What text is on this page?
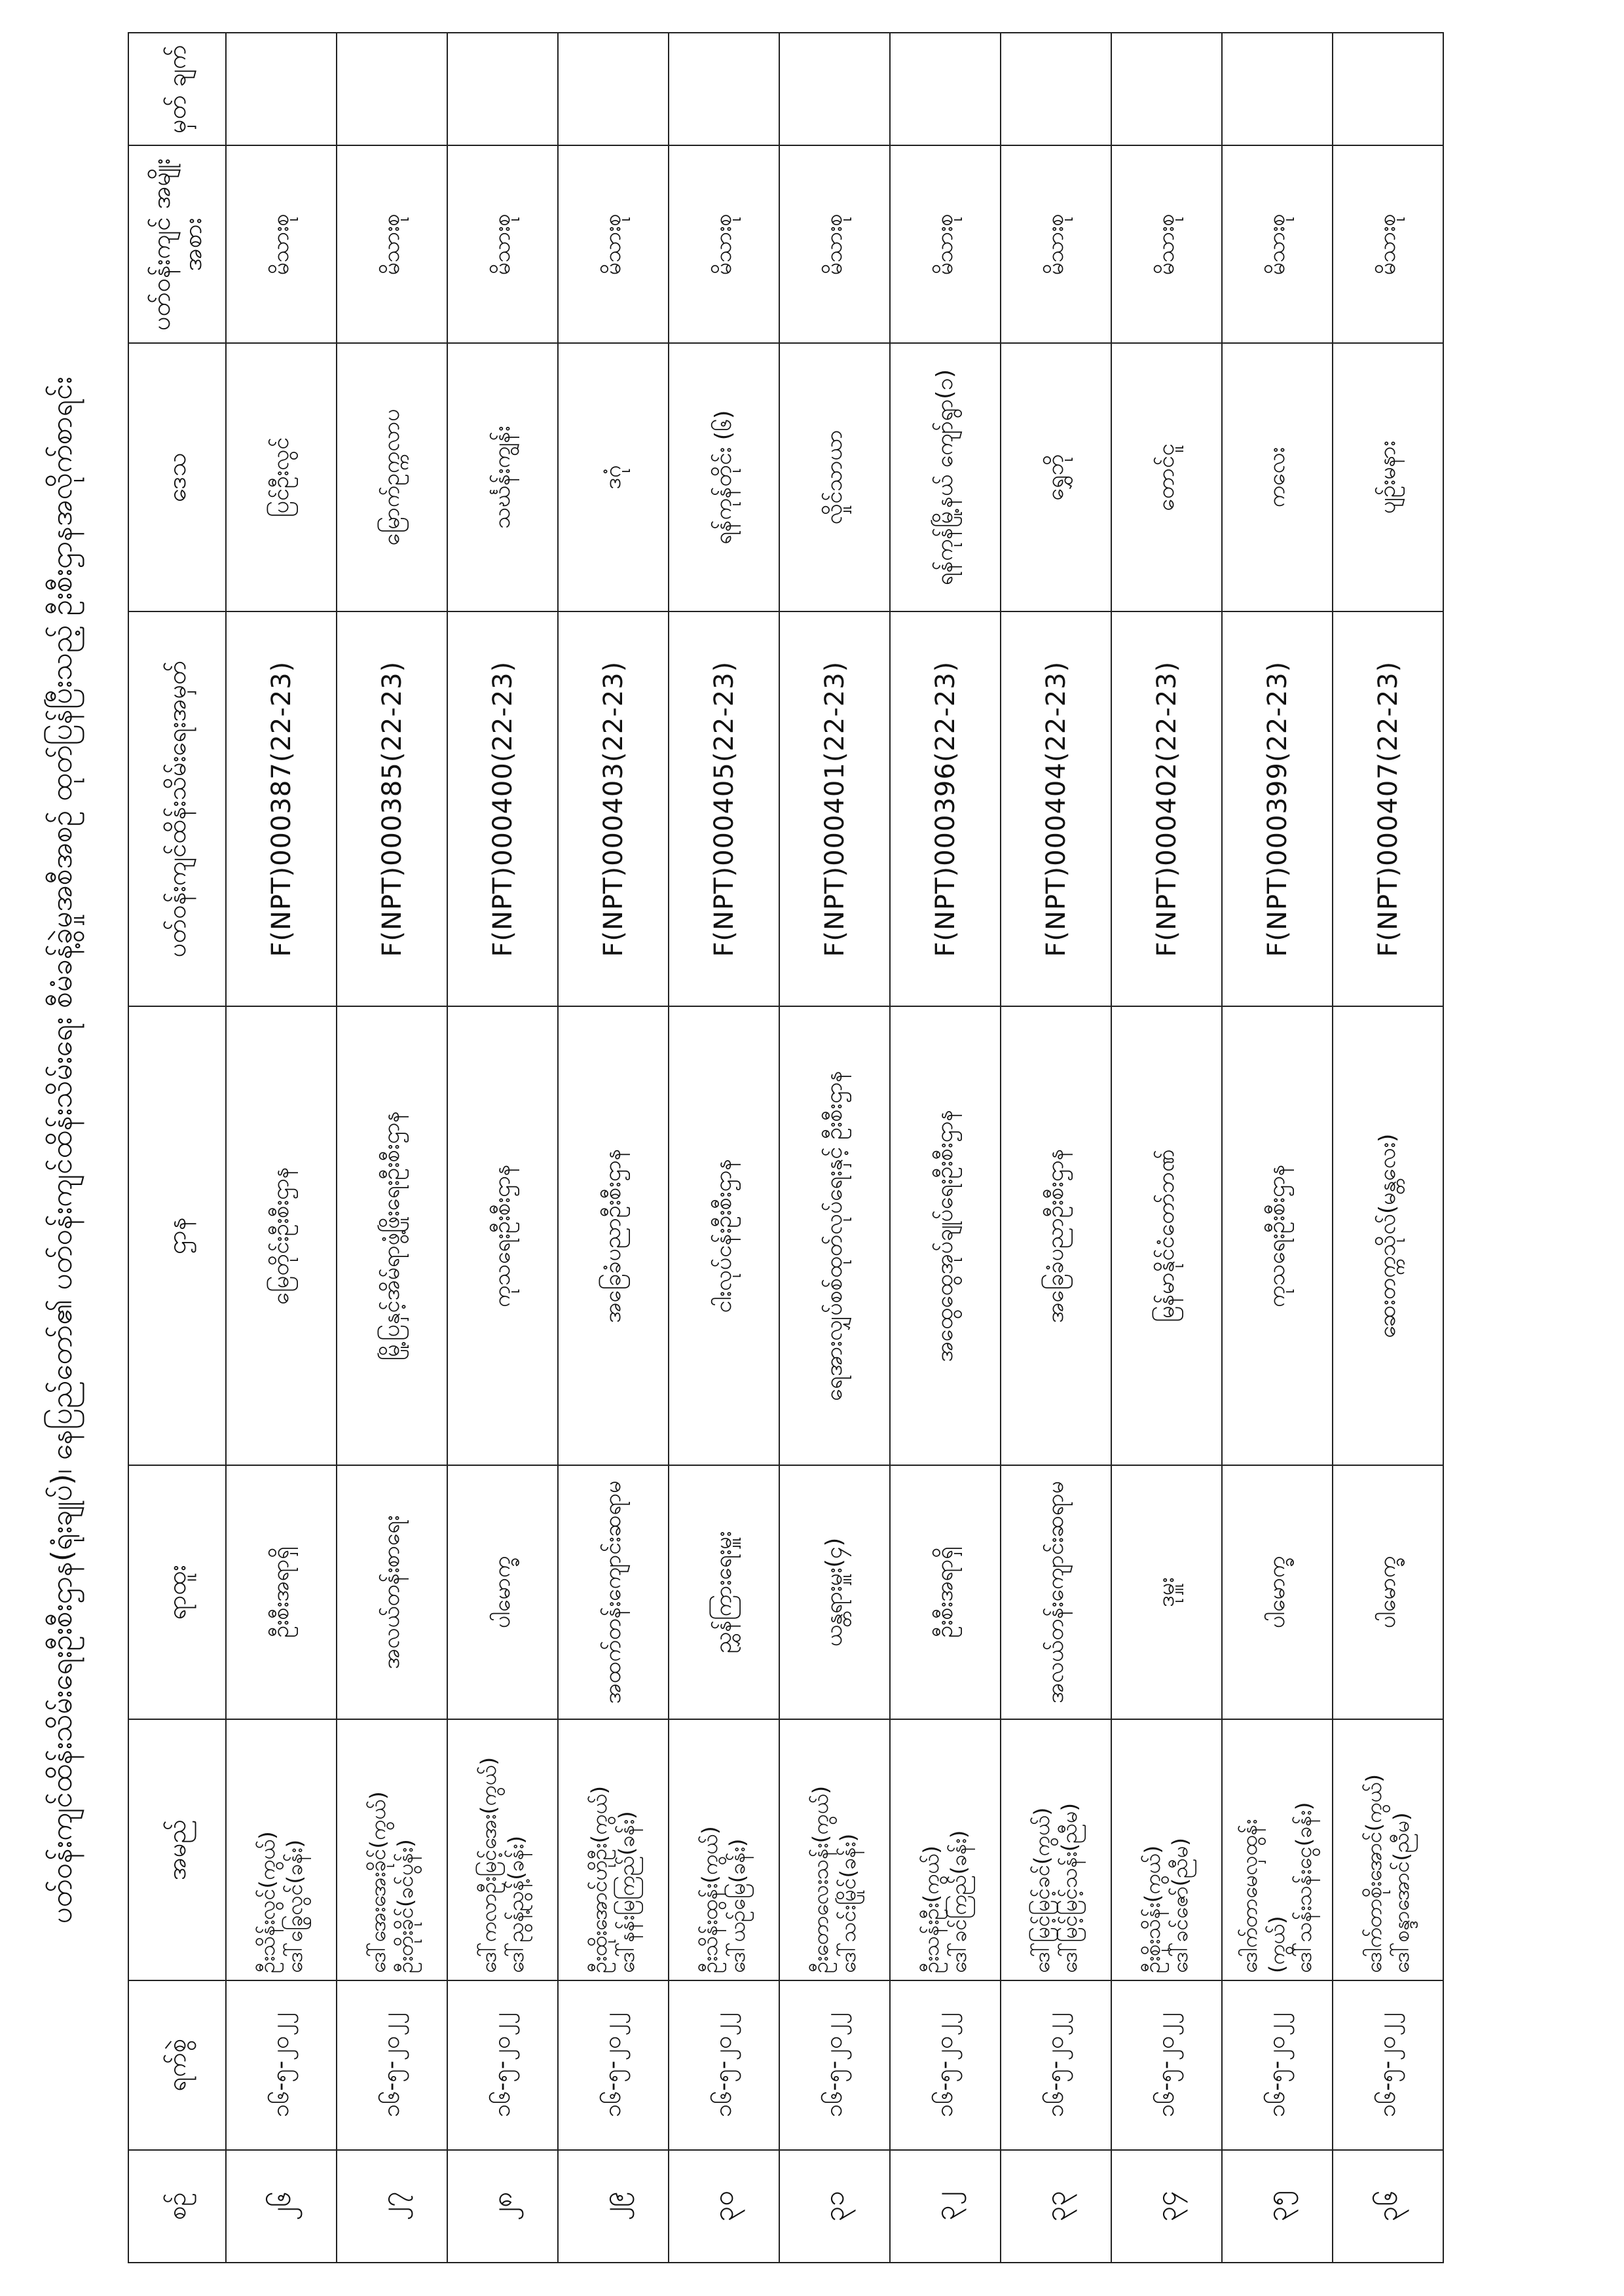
ပတ်ဝန်းကျင်ထိန်းသိမ်းရေးဦးစီးဌာန(ရုံးချုပ်)၊ နေပြည်တော်၏ ပတ်ဝန်းကျင်ထိန်းသိမ်းရေး စီမံခန့်ခွဲမှုအစီအစဉ် ထုတ်ပြန်ပြီးသည့် ဦးစီးဌာနအလိုက်စာရင်း
စဉ်	ရက်စွဲ	အမည်	ရာထူး	ဌာန	ပတ်ဝန်းကျင်ထိန်းသိမ်းရေးအမှတ်	ဒေသ	ပတ်ဝန်းကျင် အမျိုးအစား	မှတ် ချက်
၂၆	၁၆-၅-၂၀၂၂	ဦးသိန်းလွင်(ကွယ်) ဒေါ်ခြွေလွင်(ခန်း)	ဦးစီးအရာရှိ	မြေတိုင်းဦးစီးဌာန	F(NPT)000387(22-23)	ပြင်ဦးလွင်	မိသားစု	
၂၇	၁၆-၅-၂၀၂၂	ဒေါ်အေးအေးခိုင်(ကွယ်) ဦးတိုးခိုင်(ခင်ပွန်း)	အလယ်တန်းစာရေး	မြို့ပြနှင့်အိမ်ရာဖွံ့ဖြိုးရေးဦးစီးဌာန	F(NPT)000385(22-23)	မြောက်ဥက္ကလာပ	မိသားစု	
၂၈	၁၆-၅-၂၀၂၂	ဒေါ်ကလာဦးမြင့်အေး(ကွယ်) ဒေါ်ညွန့်ညွန့်(ခန်း)	ပါမောက္ခ	ကုသရေးဦးစီးဌာန	F(NPT)000400(22-23)	သင်္ဃန်းကျွန်း	မိသားစု	
၂၉	၁၆-၅-၂၀၂၂	ဦးထိုးအောင်ဟိုဦး(ကွယ်) ဒေါ်နန်းမြကြည်(ခန်း)	အထက်တန်းကျောင်းဆရာမ	အခြေခံပညာဦးစီးဌာန	F(NPT)000403(22-23)	ဒဂုံ	မိသားစု	
၃၀	၁၆-၅-၂၀၂၂	ဦးသိန်းထွန်း(ကွယ်) ဒေါ်ယဉ်မြေ(ခန်း)	ညွှန်ကြားရေးမှူး	ငါးလုပ်ငန်းဦးစီးဌာန	F(NPT)000405(22-23)	ရန်ကုန်တိုင်း (၆)	မိသားစု	
၃၁	၁၆-၅-၂၀၂၂	ဦးတောလေးသန်း(ကွယ်) ဒေါ်သင်းမြိုင်(ခန်း)	ယန္တရားမှူး(၄)	ရေအားလျှပ်စစ်ထုတ်လုပ်ရေးနှင့် ဦးစီးဌာန	F(NPT)000401(22-23)	လှိုင်သာယာ	မိသားစု	
၃၂	၁၆-၅-၂၀၂၂	ဦးသန်းဦး(ကွယ်) ဒေါ်ခင်ကြည်(ခန်း)	ဦးစီးအရာရှိ	အထွေထွေအုပ်ချုပ်ရေးဦးစီးဌာန	F(NPT)000396(22-23)	ရန်ကုန်မြို့နယ် ကျော်ရွာ(၁)	မိသားစု	
၃၃	၁၆-၅-၂၀၂၂	ဒေါ်မြင့်မြင့်ခင်(ကွယ်) ဒေါ်မြင့်မြင့်သန်း(ညီမ)	အလယ်တန်းကျောင်းဆရာမ	အခြေခံပညာဦးစီးဌာန	F(NPT)000404(22-23)	ရွှေဘို	မိသားစု	
၃၄	၁၆-၅-၂၀၂၂	ဦးစိုးသိန်း(ကွယ်) ဒေါ်ခင်ဇော်(ညီမ)	ဒုမှူး	မြန်မာနိုင်ငံတော်ဘဏ်	F(NPT)000402(22-23)	တောင်ငူ	မိသားစု	
၃၅	၁၆-၅-၂၀၂၂	ဒေါက်တာမေလှထွန်း (ကွယ်) ဒေါ်သန်းသန်းငွေ(ခန်း)	ပါမောက္ခ	ကုသရေးဦးစီးဌာန	F(NPT)000399(22-23)	ကလေး	မိသားစု	
၃၆	၁၆-၅-၂၀၂၂	ဒေါက်တာစိုးအောင်(ကွယ်) ဒေါ်စန္ဒာအောင်(ညီမ)	ပါမောက္ခ	ဆေးတက္ကသိုလ်(မန္တလေး)	F(NPT)000407(22-23)	ပျဉ်းမနား	မိသားစု	
